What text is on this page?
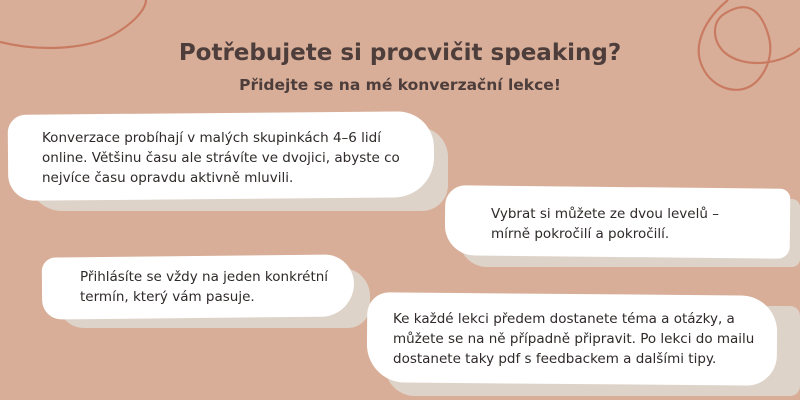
Potřebujete si procvičit speaking?
Přidejte se na mé konverzační lekce!

Konverzace probíhají v malých skupinkách 4–6 lidí online. Většinu času ale strávíte ve dvojici, abyste co nejvíce času opravdu aktivně mluvili.

Vybrat si můžete ze dvou levelů – mírně pokročilí a pokročilí.

Přihlásíte se vždy na jeden konkrétní termín, který vám pasuje.

Ke každé lekci předem dostanete téma a otázky, a můžete se na ně případně připravit. Po lekci do mailu dostanete taky pdf s feedbackem a dalšími tipy.
